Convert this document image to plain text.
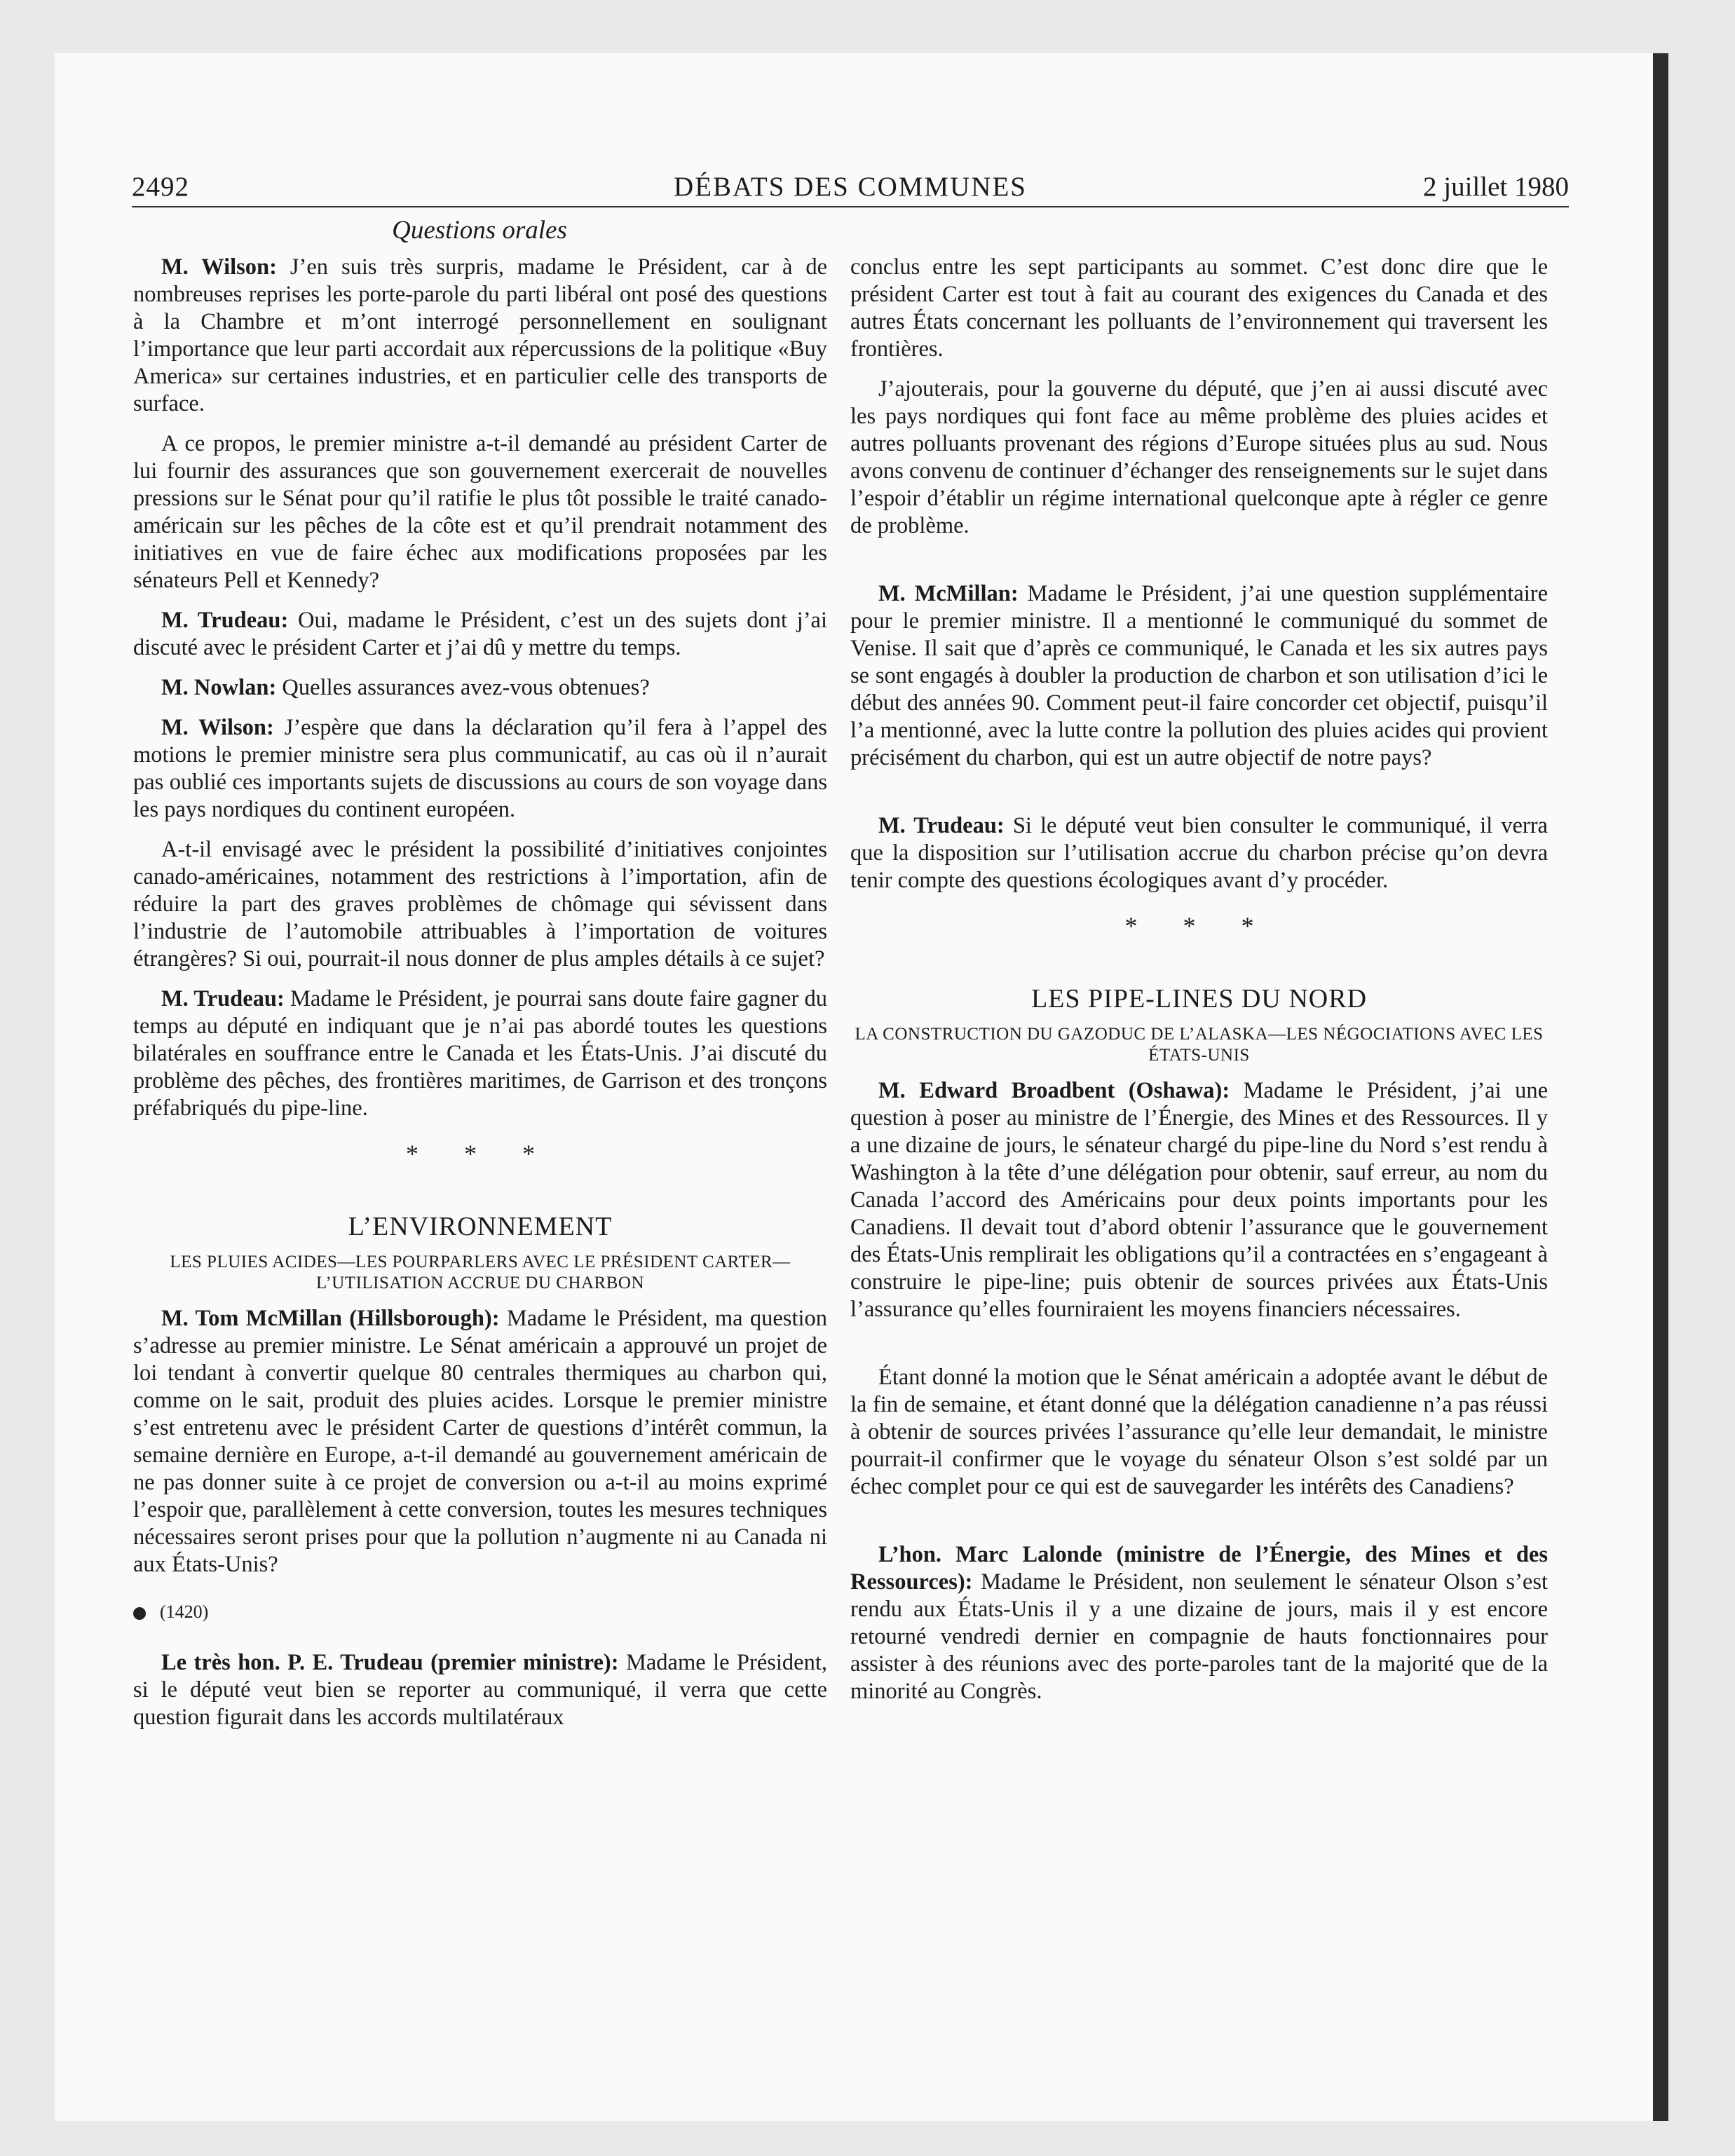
2492	DÉBATS DES COMMUNES	2 juillet 1980
Questions orales

M. Wilson: J’en suis très surpris, madame le Président, car à de nombreuses reprises les porte-parole du parti libéral ont posé des questions à la Chambre et m’ont interrogé personnellement en soulignant l’importance que leur parti accordait aux répercussions de la politique «Buy America» sur certaines industries, et en particulier celle des transports de surface.

A ce propos, le premier ministre a-t-il demandé au président Carter de lui fournir des assurances que son gouvernement exercerait de nouvelles pressions sur le Sénat pour qu’il ratifie le plus tôt possible le traité canado-américain sur les pêches de la côte est et qu’il prendrait notamment des initiatives en vue de faire échec aux modifications proposées par les sénateurs Pell et Kennedy?

M. Trudeau: Oui, madame le Président, c’est un des sujets dont j’ai discuté avec le président Carter et j’ai dû y mettre du temps.

M. Nowlan: Quelles assurances avez-vous obtenues?

M. Wilson: J’espère que dans la déclaration qu’il fera à l’appel des motions le premier ministre sera plus communicatif, au cas où il n’aurait pas oublié ces importants sujets de discussions au cours de son voyage dans les pays nordiques du continent européen.

A-t-il envisagé avec le président la possibilité d’initiatives conjointes canado-américaines, notamment des restrictions à l’importation, afin de réduire la part des graves problèmes de chômage qui sévissent dans l’industrie de l’automobile attribuables à l’importation de voitures étrangères? Si oui, pourrait-il nous donner de plus amples détails à ce sujet?

M. Trudeau: Madame le Président, je pourrai sans doute faire gagner du temps au député en indiquant que je n’ai pas abordé toutes les questions bilatérales en souffrance entre le Canada et les États-Unis. J’ai discuté du problème des pêches, des frontières maritimes, de Garrison et des tronçons préfabriqués du pipe-line.

* * *
L’ENVIRONNEMENT
LES PLUIES ACIDES—LES POURPARLERS AVEC LE PRÉSIDENT CARTER—L’UTILISATION ACCRUE DU CHARBON

M. Tom McMillan (Hillsborough): Madame le Président, ma question s’adresse au premier ministre. Le Sénat américain a approuvé un projet de loi tendant à convertir quelque 80 centrales thermiques au charbon qui, comme on le sait, produit des pluies acides. Lorsque le premier ministre s’est entretenu avec le président Carter de questions d’intérêt commun, la semaine dernière en Europe, a-t-il demandé au gouvernement américain de ne pas donner suite à ce projet de conversion ou a-t-il au moins exprimé l’espoir que, parallèlement à cette conversion, toutes les mesures techniques nécessaires seront prises pour que la pollution n’augmente ni au Canada ni aux États-Unis?

(1420)

Le très hon. P. E. Trudeau (premier ministre): Madame le Président, si le député veut bien se reporter au communiqué, il verra que cette question figurait dans les accords multilatéraux

conclus entre les sept participants au sommet. C’est donc dire que le président Carter est tout à fait au courant des exigences du Canada et des autres États concernant les polluants de l’environnement qui traversent les frontières.

J’ajouterais, pour la gouverne du député, que j’en ai aussi discuté avec les pays nordiques qui font face au même problème des pluies acides et autres polluants provenant des régions d’Europe situées plus au sud. Nous avons convenu de continuer d’échanger des renseignements sur le sujet dans l’espoir d’établir un régime international quelconque apte à régler ce genre de problème.

M. McMillan: Madame le Président, j’ai une question supplémentaire pour le premier ministre. Il a mentionné le communiqué du sommet de Venise. Il sait que d’après ce communiqué, le Canada et les six autres pays se sont engagés à doubler la production de charbon et son utilisation d’ici le début des années 90. Comment peut-il faire concorder cet objectif, puisqu’il l’a mentionné, avec la lutte contre la pollution des pluies acides qui provient précisément du charbon, qui est un autre objectif de notre pays?

M. Trudeau: Si le député veut bien consulter le communiqué, il verra que la disposition sur l’utilisation accrue du charbon précise qu’on devra tenir compte des questions écologiques avant d’y procéder.

* * *
LES PIPE-LINES DU NORD
LA CONSTRUCTION DU GAZODUC DE L’ALASKA—LES NÉGOCIATIONS AVEC LES ÉTATS-UNIS

M. Edward Broadbent (Oshawa): Madame le Président, j’ai une question à poser au ministre de l’Énergie, des Mines et des Ressources. Il y a une dizaine de jours, le sénateur chargé du pipe-line du Nord s’est rendu à Washington à la tête d’une délégation pour obtenir, sauf erreur, au nom du Canada l’accord des Américains pour deux points importants pour les Canadiens. Il devait tout d’abord obtenir l’assurance que le gouvernement des États-Unis remplirait les obligations qu’il a contractées en s’engageant à construire le pipe-line; puis obtenir de sources privées aux États-Unis l’assurance qu’elles fourniraient les moyens financiers nécessaires.

Étant donné la motion que le Sénat américain a adoptée avant le début de la fin de semaine, et étant donné que la délégation canadienne n’a pas réussi à obtenir de sources privées l’assurance qu’elle leur demandait, le ministre pourrait-il confirmer que le voyage du sénateur Olson s’est soldé par un échec complet pour ce qui est de sauvegarder les intérêts des Canadiens?

L’hon. Marc Lalonde (ministre de l’Énergie, des Mines et des Ressources): Madame le Président, non seulement le sénateur Olson s’est rendu aux États-Unis il y a une dizaine de jours, mais il y est encore retourné vendredi dernier en compagnie de hauts fonctionnaires pour assister à des réunions avec des porte-paroles tant de la majorité que de la minorité au Congrès.
